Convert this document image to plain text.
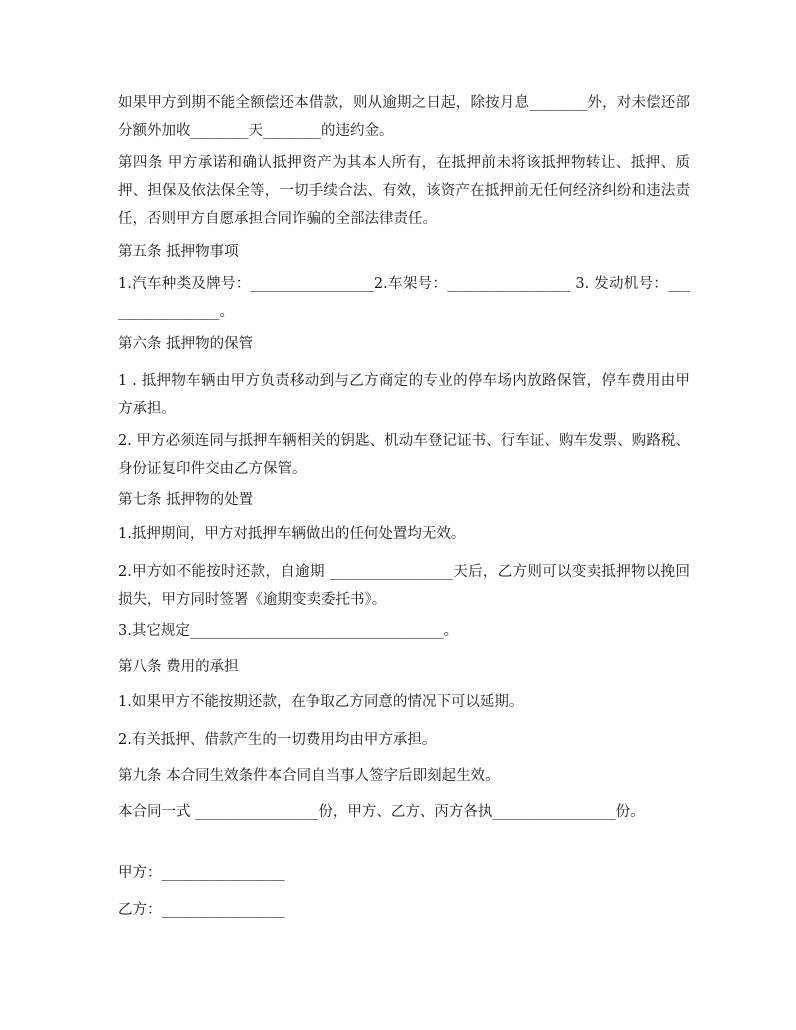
如果甲方到期不能全额偿还本借款，则从逾期之日起，除按月息________外，对未偿还部分额外加收________天________的违约金。
第四条 甲方承诺和确认抵押资产为其本人所有，在抵押前未将该抵押物转让、抵押、质押、担保及依法保全等，一切手续合法、有效，该资产在抵押前无任何经济纠纷和违法责任，否则甲方自愿承担合同诈骗的全部法律责任。
第五条 抵押物事项
1.汽车种类及牌号：_________________2.车架号：_________________ 3. 发动机号：_________________。
第六条 抵押物的保管
1 . 抵押物车辆由甲方负责移动到与乙方商定的专业的停车场内放路保管，停车费用由甲方承担。
2. 甲方必须连同与抵押车辆相关的钥匙、机动车登记证书、行车证、购车发票、购路税、身份证复印件交由乙方保管。
第七条 抵押物的处置
1.抵押期间，甲方对抵押车辆做出的任何处置均无效。
2.甲方如不能按时还款，自逾期 _________________天后，乙方则可以变卖抵押物以挽回损失，甲方同时签署《逾期变卖委托书》。
3.其它规定___________________________________。
第八条 费用的承担
1.如果甲方不能按期还款，在争取乙方同意的情况下可以延期。
2.有关抵押、借款产生的一切费用均由甲方承担。
第九条 本合同生效条件本合同自当事人签字后即刻起生效。
本合同一式 _________________份，甲方、乙方、丙方各执_________________份。
甲方：_________________
乙方：_________________
